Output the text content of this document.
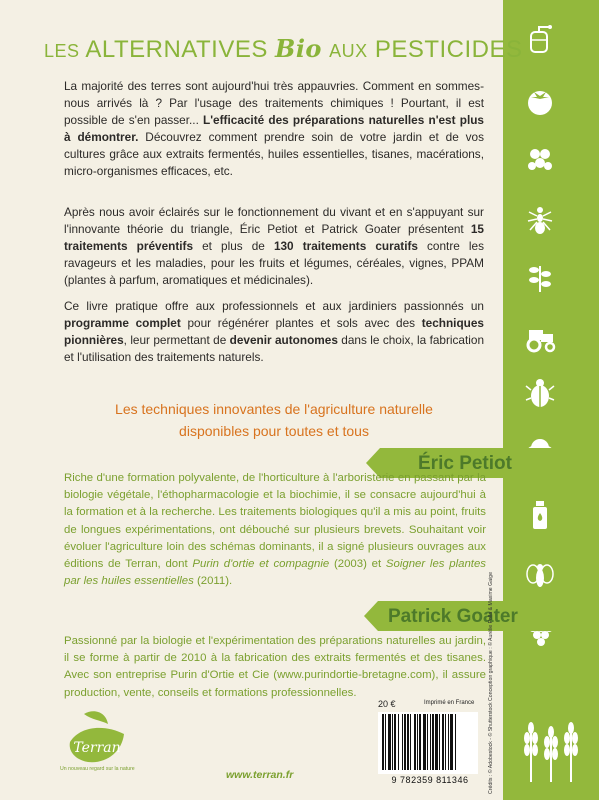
LES ALTERNATIVES Bio AUX PESTICIDES
La majorité des terres sont aujourd'hui très appauvries. Comment en sommes-nous arrivés là ? Par l'usage des traitements chimiques ! Pourtant, il est possible de s'en passer... L'efficacité des préparations naturelles n'est plus à démontrer. Découvrez comment prendre soin de votre jardin et de vos cultures grâce aux extraits fermentés, huiles essentielles, tisanes, macérations, micro-organismes efficaces, etc.
Après nous avoir éclairés sur le fonctionnement du vivant et en s'appuyant sur l'innovante théorie du triangle, Éric Petiot et Patrick Goater présentent 15 traitements préventifs et plus de 130 traitements curatifs contre les ravageurs et les maladies, pour les fruits et légumes, céréales, vignes, PPAM (plantes à parfum, aromatiques et médicinales).
Ce livre pratique offre aux professionnels et aux jardiniers passionnés un programme complet pour régénérer plantes et sols avec des techniques pionnières, leur permettant de devenir autonomes dans le choix, la fabrication et l'utilisation des traitements naturels.
Les techniques innovantes de l'agriculture naturelle
disponibles pour toutes et tous
Éric Petiot
Riche d'une formation polyvalente, de l'horticulture à l'arboristerie en passant par la biologie végétale, l'éthopharmacologie et la biochimie, il se consacre aujourd'hui à la formation et à la recherche. Les traitements biologiques qu'il a mis au point, fruits de longues expérimentations, ont débouché sur plusieurs brevets. Souhaitant voir évoluer l'agriculture loin des schémas dominants, il a signé plusieurs ouvrages aux éditions de Terran, dont Purin d'ortie et compagnie (2003) et Soigner les plantes par les huiles essentielles (2011).
Patrick Goater
Passionné par la biologie et l'expérimentation des préparations naturelles au jardin, il se forme à partir de 2010 à la fabrication des extraits fermentés et des tisanes. Avec son entreprise Purin d'Ortie et Cie (www.purindortie-bretagne.com), il assure production, vente, conseils et formations professionnelles.
Terran
Un nouveau regard sur la nature	www.terran.fr
20 €	Imprimé en France
9 782359 811346	Crédits : © Adobestock - © Shutterstock Conception graphique : © Aurélie Polla & Maxime Gaige
